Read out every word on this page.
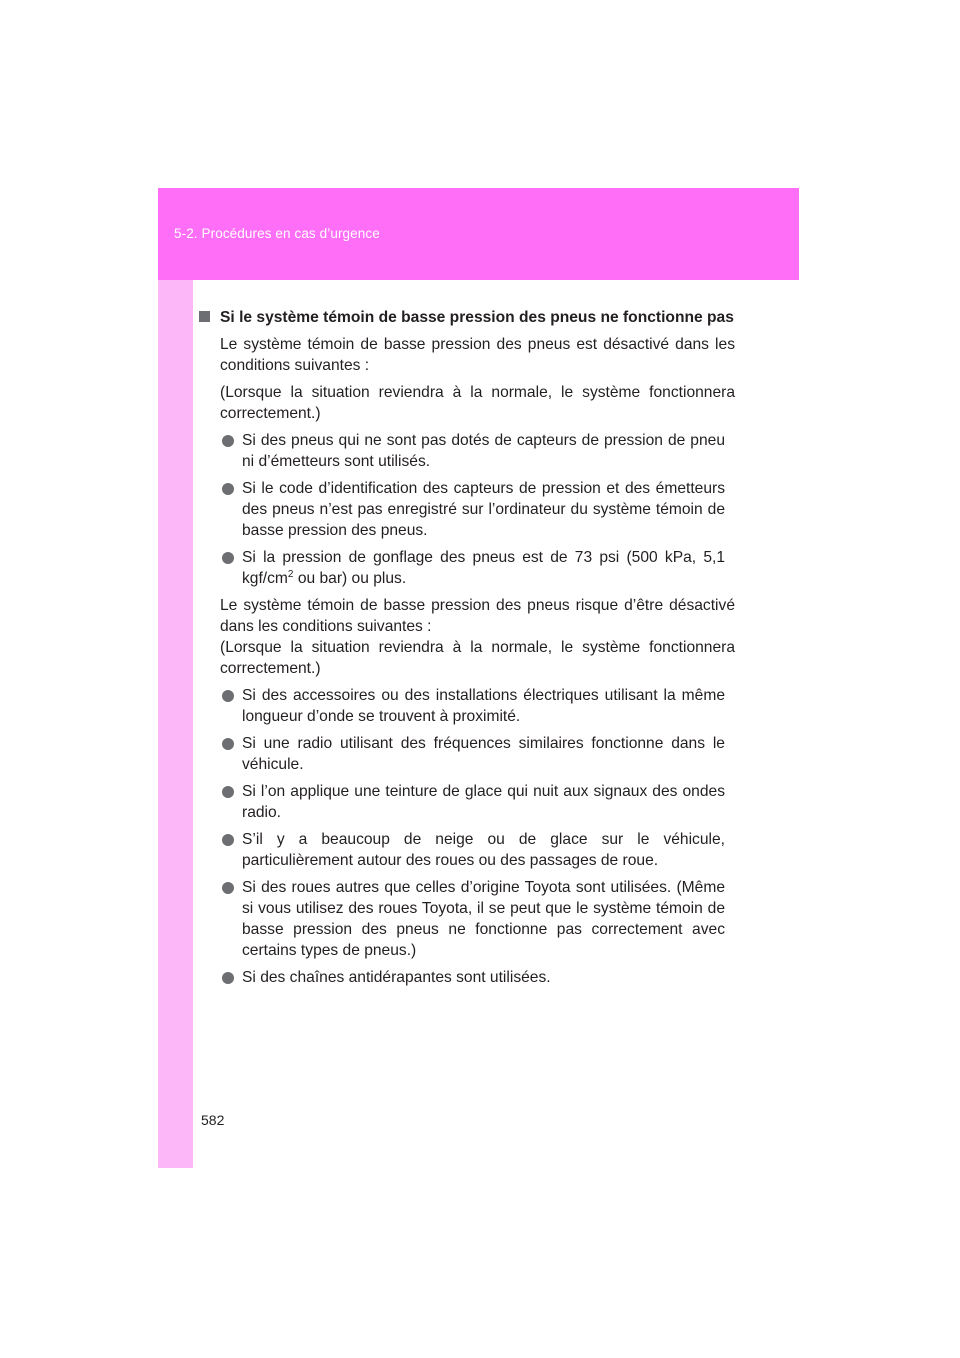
5-2. Procédures en cas d’urgence
Si le système témoin de basse pression des pneus ne fonctionne pas

Le système témoin de basse pression des pneus est désactivé dans les conditions suivantes :

(Lorsque la situation reviendra à la normale, le système fonctionnera correctement.)

Si des pneus qui ne sont pas dotés de capteurs de pression de pneu ni d’émetteurs sont utilisés.
Si le code d’identification des capteurs de pression et des émetteurs des pneus n’est pas enregistré sur l’ordinateur du système témoin de basse pression des pneus.
Si la pression de gonflage des pneus est de 73 psi (500 kPa, 5,1 kgf/$cm^2$ ou bar) ou plus.

Le système témoin de basse pression des pneus risque d’être désactivé dans les conditions suivantes :

(Lorsque la situation reviendra à la normale, le système fonctionnera correctement.)

Si des accessoires ou des installations électriques utilisant la même longueur d’onde se trouvent à proximité.
Si une radio utilisant des fréquences similaires fonctionne dans le véhicule.
Si l’on applique une teinture de glace qui nuit aux signaux des ondes radio.
S’il y a beaucoup de neige ou de glace sur le véhicule, particulièrement autour des roues ou des passages de roue.
Si des roues autres que celles d’origine Toyota sont utilisées. (Même si vous utilisez des roues Toyota, il se peut que le système témoin de basse pression des pneus ne fonctionne pas correctement avec certains types de pneus.)
Si des chaînes antidérapantes sont utilisées.
582
